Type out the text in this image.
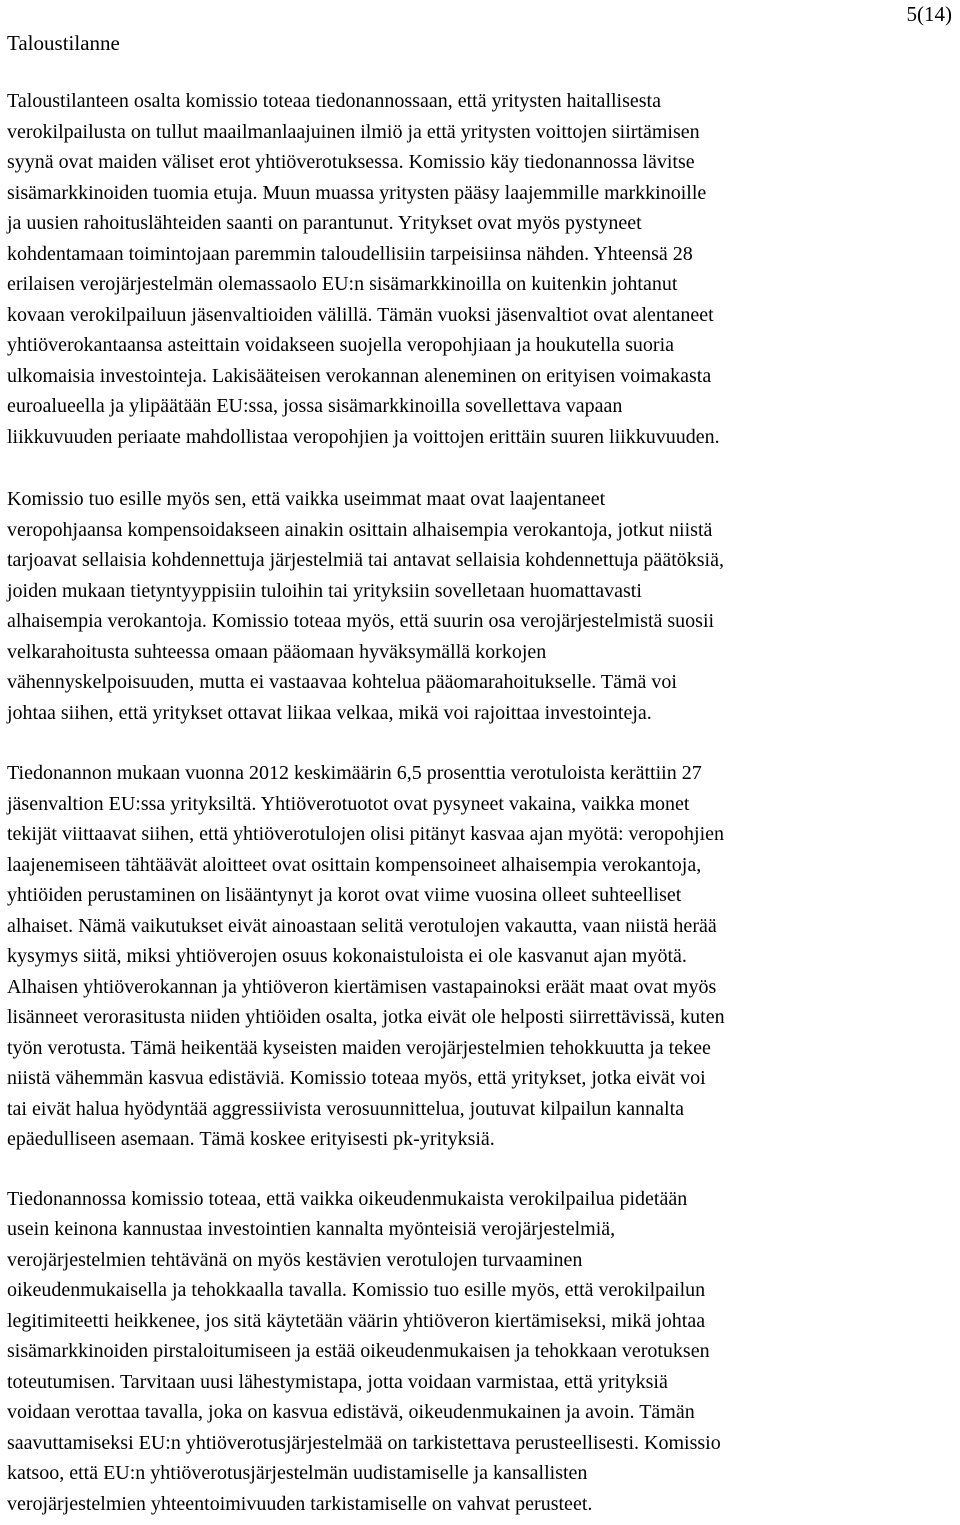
Taloustilanne
5(14)

Taloustilanteen osalta komissio toteaa tiedonannossaan, että yritysten haitallisesta
verokilpailusta on tullut maailmanlaajuinen ilmiö ja että yritysten voittojen siirtämisen
syynä ovat maiden väliset erot yhtiöverotuksessa. Komissio käy tiedonannossa lävitse
sisämarkkinoiden tuomia etuja. Muun muassa yritysten pääsy laajemmille markkinoille
ja uusien rahoituslähteiden saanti on parantunut. Yritykset ovat myös pystyneet
kohdentamaan toimintojaan paremmin taloudellisiin tarpeisiinsa nähden. Yhteensä 28
erilaisen verojärjestelmän olemassaolo EU:n sisämarkkinoilla on kuitenkin johtanut
kovaan verokilpailuun jäsenvaltioiden välillä. Tämän vuoksi jäsenvaltiot ovat alentaneet
yhtiöverokantaansa asteittain voidakseen suojella veropohjiaan ja houkutella suoria
ulkomaisia investointeja. Lakisääteisen verokannan aleneminen on erityisen voimakasta
euroalueella ja ylipäätään EU:ssa, jossa sisämarkkinoilla sovellettava vapaan
liikkuvuuden periaate mahdollistaa veropohjien ja voittojen erittäin suuren liikkuvuuden.

Komissio tuo esille myös sen, että vaikka useimmat maat ovat laajentaneet
veropohjaansa kompensoidakseen ainakin osittain alhaisempia verokantoja, jotkut niistä
tarjoavat sellaisia kohdennettuja järjestelmiä tai antavat sellaisia kohdennettuja päätöksiä,
joiden mukaan tietyntyyppisiin tuloihin tai yrityksiin sovelletaan huomattavasti
alhaisempia verokantoja. Komissio toteaa myös, että suurin osa verojärjestelmistä suosii
velkarahoitusta suhteessa omaan pääomaan hyväksymällä korkojen
vähennyskelpoisuuden, mutta ei vastaavaa kohtelua pääomarahoitukselle. Tämä voi
johtaa siihen, että yritykset ottavat liikaa velkaa, mikä voi rajoittaa investointeja.

Tiedonannon mukaan vuonna 2012 keskimäärin 6,5 prosenttia verotuloista kerättiin 27
jäsenvaltion EU:ssa yrityksiltä. Yhtiöverotuotot ovat pysyneet vakaina, vaikka monet
tekijät viittaavat siihen, että yhtiöverotulojen olisi pitänyt kasvaa ajan myötä: veropohjien
laajenemiseen tähtäävät aloitteet ovat osittain kompensoineet alhaisempia verokantoja,
yhtiöiden perustaminen on lisääntynyt ja korot ovat viime vuosina olleet suhteelliset
alhaiset. Nämä vaikutukset eivät ainoastaan selitä verotulojen vakautta, vaan niistä herää
kysymys siitä, miksi yhtiöverojen osuus kokonaistuloista ei ole kasvanut ajan myötä.
Alhaisen yhtiöverokannan ja yhtiöveron kiertämisen vastapainoksi eräät maat ovat myös
lisänneet verorasitusta niiden yhtiöiden osalta, jotka eivät ole helposti siirrettävissä, kuten
työn verotusta. Tämä heikentää kyseisten maiden verojärjestelmien tehokkuutta ja tekee
niistä vähemmän kasvua edistäviä. Komissio toteaa myös, että yritykset, jotka eivät voi
tai eivät halua hyödyntää aggressiivista verosuunnittelua, joutuvat kilpailun kannalta
epäedulliseen asemaan. Tämä koskee erityisesti pk-yrityksiä.

Tiedonannossa komissio toteaa, että vaikka oikeudenmukaista verokilpailua pidetään
usein keinona kannustaa investointien kannalta myönteisiä verojärjestelmiä,
verojärjestelmien tehtävänä on myös kestävien verotulojen turvaaminen
oikeudenmukaisella ja tehokkaalla tavalla. Komissio tuo esille myös, että verokilpailun
legitimiteetti heikkenee, jos sitä käytetään väärin yhtiöveron kiertämiseksi, mikä johtaa
sisämarkkinoiden pirstaloitumiseen ja estää oikeudenmukaisen ja tehokkaan verotuksen
toteutumisen. Tarvitaan uusi lähestymistapa, jotta voidaan varmistaa, että yrityksiä
voidaan verottaa tavalla, joka on kasvua edistävä, oikeudenmukainen ja avoin. Tämän
saavuttamiseksi EU:n yhtiöverotusjärjestelmää on tarkistettava perusteellisesti. Komissio
katsoo, että EU:n yhtiöverotusjärjestelmän uudistamiselle ja kansallisten
verojärjestelmien yhteentoimivuuden tarkistamiselle on vahvat perusteet.
